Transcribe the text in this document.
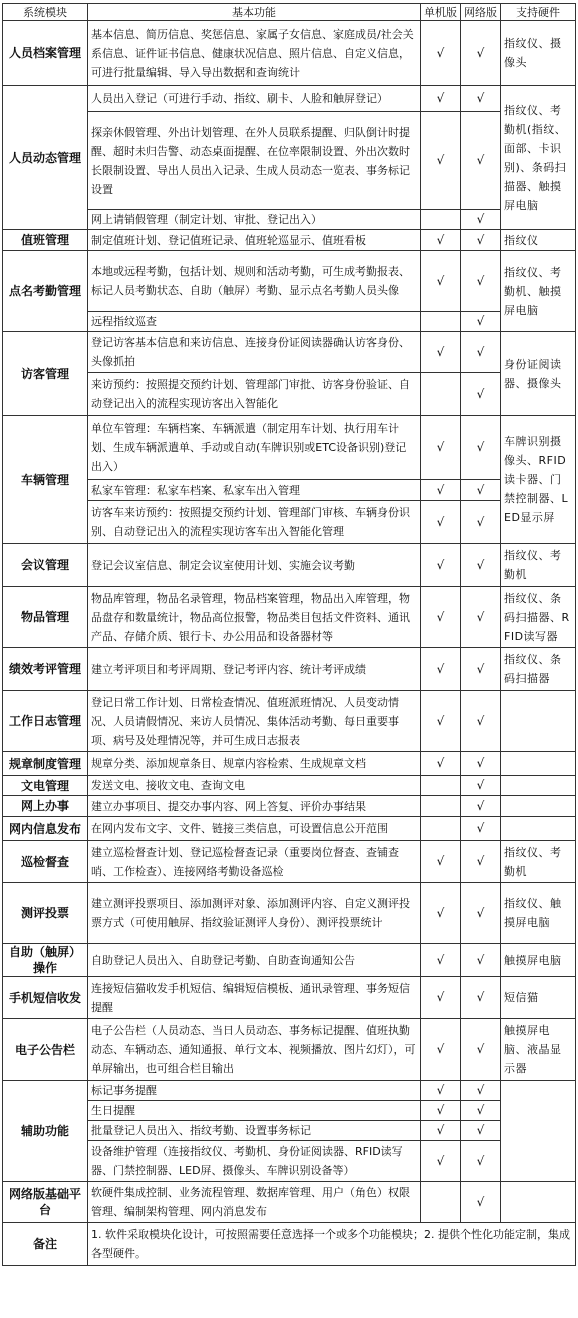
系统模块	基本功能	单机版	网络版	支持硬件
人员档案管理	基本信息、简历信息、奖惩信息、家属子女信息、家庭成员/社会关系信息、证件证书信息、健康状况信息、照片信息、自定义信息，可进行批量编辑、导入导出数据和查询统计	√	√	指纹仪、摄像头
人员动态管理	人员出入登记（可进行手动、指纹、刷卡、人脸和触屏登记）	√	√	指纹仪、考勤机(指纹、面部、卡识别)、条码扫描器、触摸屏电脑
	探亲休假管理、外出计划管理、在外人员联系提醒、归队倒计时提醒、超时未归告警、动态桌面提醒、在位率限制设置、外出次数时长限制设置、导出人员出入记录、生成人员动态一览表、事务标记设置	√	√	
	网上请销假管理（制定计划、审批、登记出入）		√	
值班管理	制定值班计划、登记值班记录、值班轮巡显示、值班看板	√	√	指纹仪
点名考勤管理	本地或远程考勤，包括计划、规则和活动考勤，可生成考勤报表、标记人员考勤状态、自助（触屏）考勤、显示点名考勤人员头像	√	√	指纹仪、考勤机、触摸屏电脑
	远程指纹巡查		√	
访客管理	登记访客基本信息和来访信息、连接身份证阅读器确认访客身份、头像抓拍	√	√	身份证阅读器、摄像头
	来访预约：按照提交预约计划、管理部门审批、访客身份验证、自动登记出入的流程实现访客出入智能化		√	
车辆管理	单位车管理：车辆档案、车辆派遣（制定用车计划、执行用车计划、生成车辆派遣单、手动或自动(车牌识别或ETC设备识别)登记出入）	√	√	车牌识别摄像头、RFID读卡器、门禁控制器、LED显示屏
	私家车管理：私家车档案、私家车出入管理	√	√	
	访客车来访预约：按照提交预约计划、管理部门审核、车辆身份识别、自动登记出入的流程实现访客车出入智能化管理	√	√	
会议管理	登记会议室信息、制定会议室使用计划、实施会议考勤	√	√	指纹仪、考勤机
物品管理	物品库管理，物品名录管理，物品档案管理，物品出入库管理，物品盘存和数量统计，物品高位报警，物品类目包括文件资料、通讯产品、存储介质、银行卡、办公用品和设备器材等	√	√	指纹仪、条码扫描器、RFID读写器
绩效考评管理	建立考评项目和考评周期、登记考评内容、统计考评成绩	√	√	指纹仪、条码扫描器
工作日志管理	登记日常工作计划、日常检查情况、值班派班情况、人员变动情况、人员请假情况、来访人员情况、集体活动考勤、每日重要事项、病号及处理情况等，并可生成日志报表	√	√	
规章制度管理	规章分类、添加规章条目、规章内容检索、生成规章文档	√	√	
文电管理	发送文电、接收文电、查询文电		√	
网上办事	建立办事项目、提交办事内容、网上答复、评价办事结果		√	
网内信息发布	在网内发布文字、文件、链接三类信息，可设置信息公开范围		√	
巡检督查	建立巡检督查计划、登记巡检督查记录（重要岗位督查、查铺查哨、工作检查）、连接网络考勤设备巡检	√	√	指纹仪、考勤机
测评投票	建立测评投票项目、添加测评对象、添加测评内容、自定义测评投票方式（可使用触屏、指纹验证测评人身份）、测评投票统计	√	√	指纹仪、触摸屏电脑
自助（触屏）操作	自助登记人员出入、自助登记考勤、自助查询通知公告	√	√	触摸屏电脑
手机短信收发	连接短信猫收发手机短信、编辑短信模板、通讯录管理、事务短信提醒	√	√	短信猫
电子公告栏	电子公告栏（人员动态、当日人员动态、事务标记提醒、值班执勤动态、车辆动态、通知通报、单行文本、视频播放、图片幻灯），可单屏输出，也可组合栏目输出	√	√	触摸屏电脑、液晶显示器
辅助功能	标记事务提醒	√	√	
	生日提醒	√	√	
	批量登记人员出入、指纹考勤、设置事务标记	√	√	
	设备维护管理（连接指纹仪、考勤机、身份证阅读器、RFID读写器、门禁控制器、LED屏、摄像头、车牌识别设备等）	√	√	
网络版基础平台	软硬件集成控制、业务流程管理、数据库管理、用户（角色）权限管理、编制架构管理、网内消息发布		√	
备注	1. 软件采取模块化设计，可按照需要任意选择一个或多个功能模块；2. 提供个性化功能定制，集成各型硬件。			
